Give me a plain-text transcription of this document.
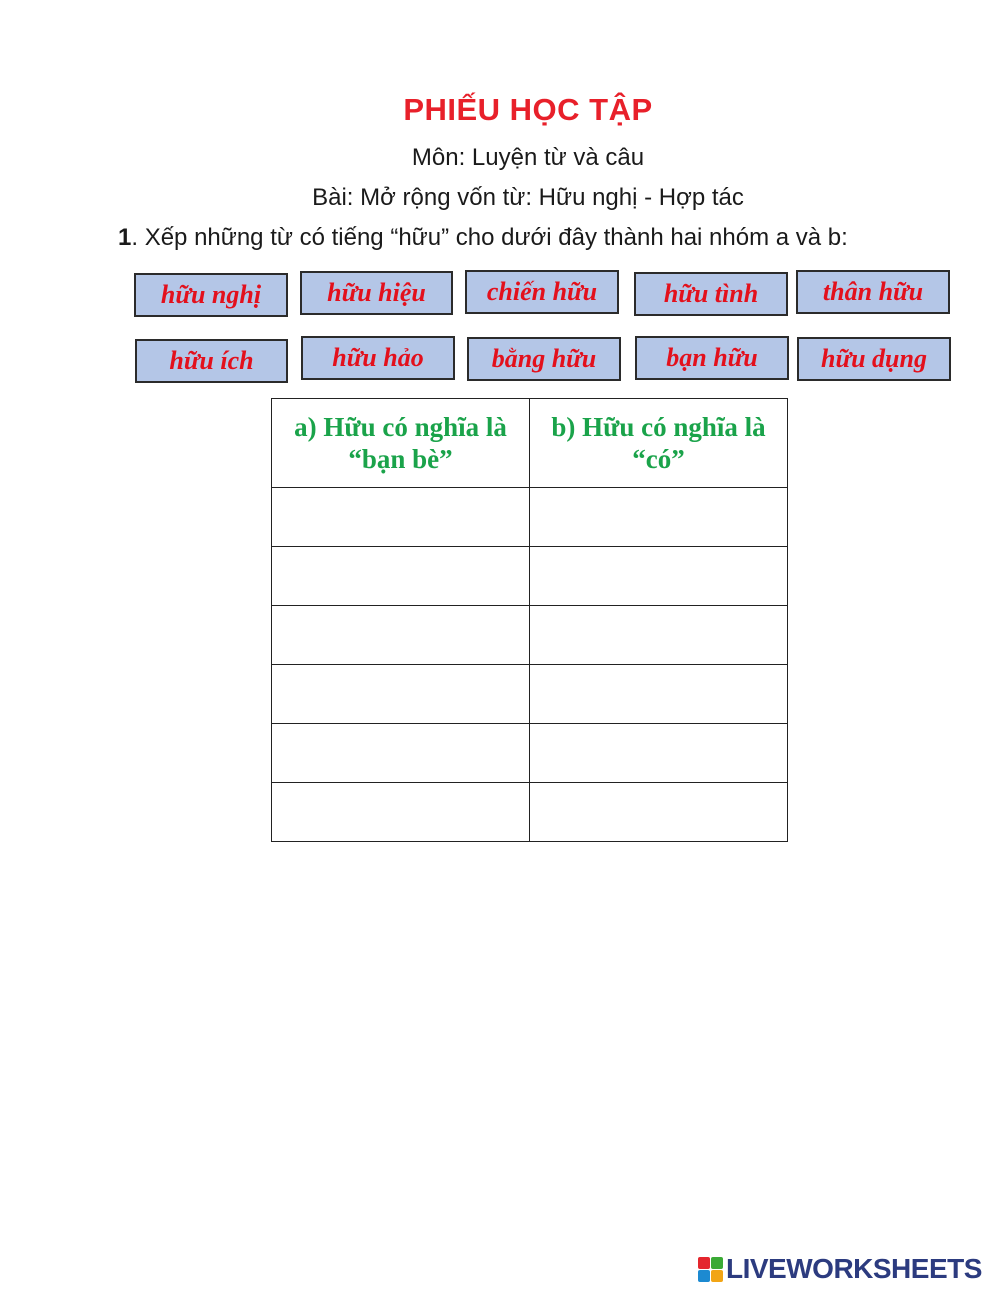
PHIẾU HỌC TẬP
Môn: Luyện từ và câu
Bài: Mở rộng vốn từ: Hữu nghị - Hợp tác
1. Xếp những từ có tiếng “hữu” cho dưới đây thành hai nhóm a và b:
hữu nghị	hữu hiệu	chiến hữu	hữu tình	thân hữu
hữu ích	hữu hảo	bằng hữu	bạn hữu	hữu dụng
a) Hữu có nghĩa là “bạn bè”	b) Hữu có nghĩa là “có”

LIVEWORKSHEETS
